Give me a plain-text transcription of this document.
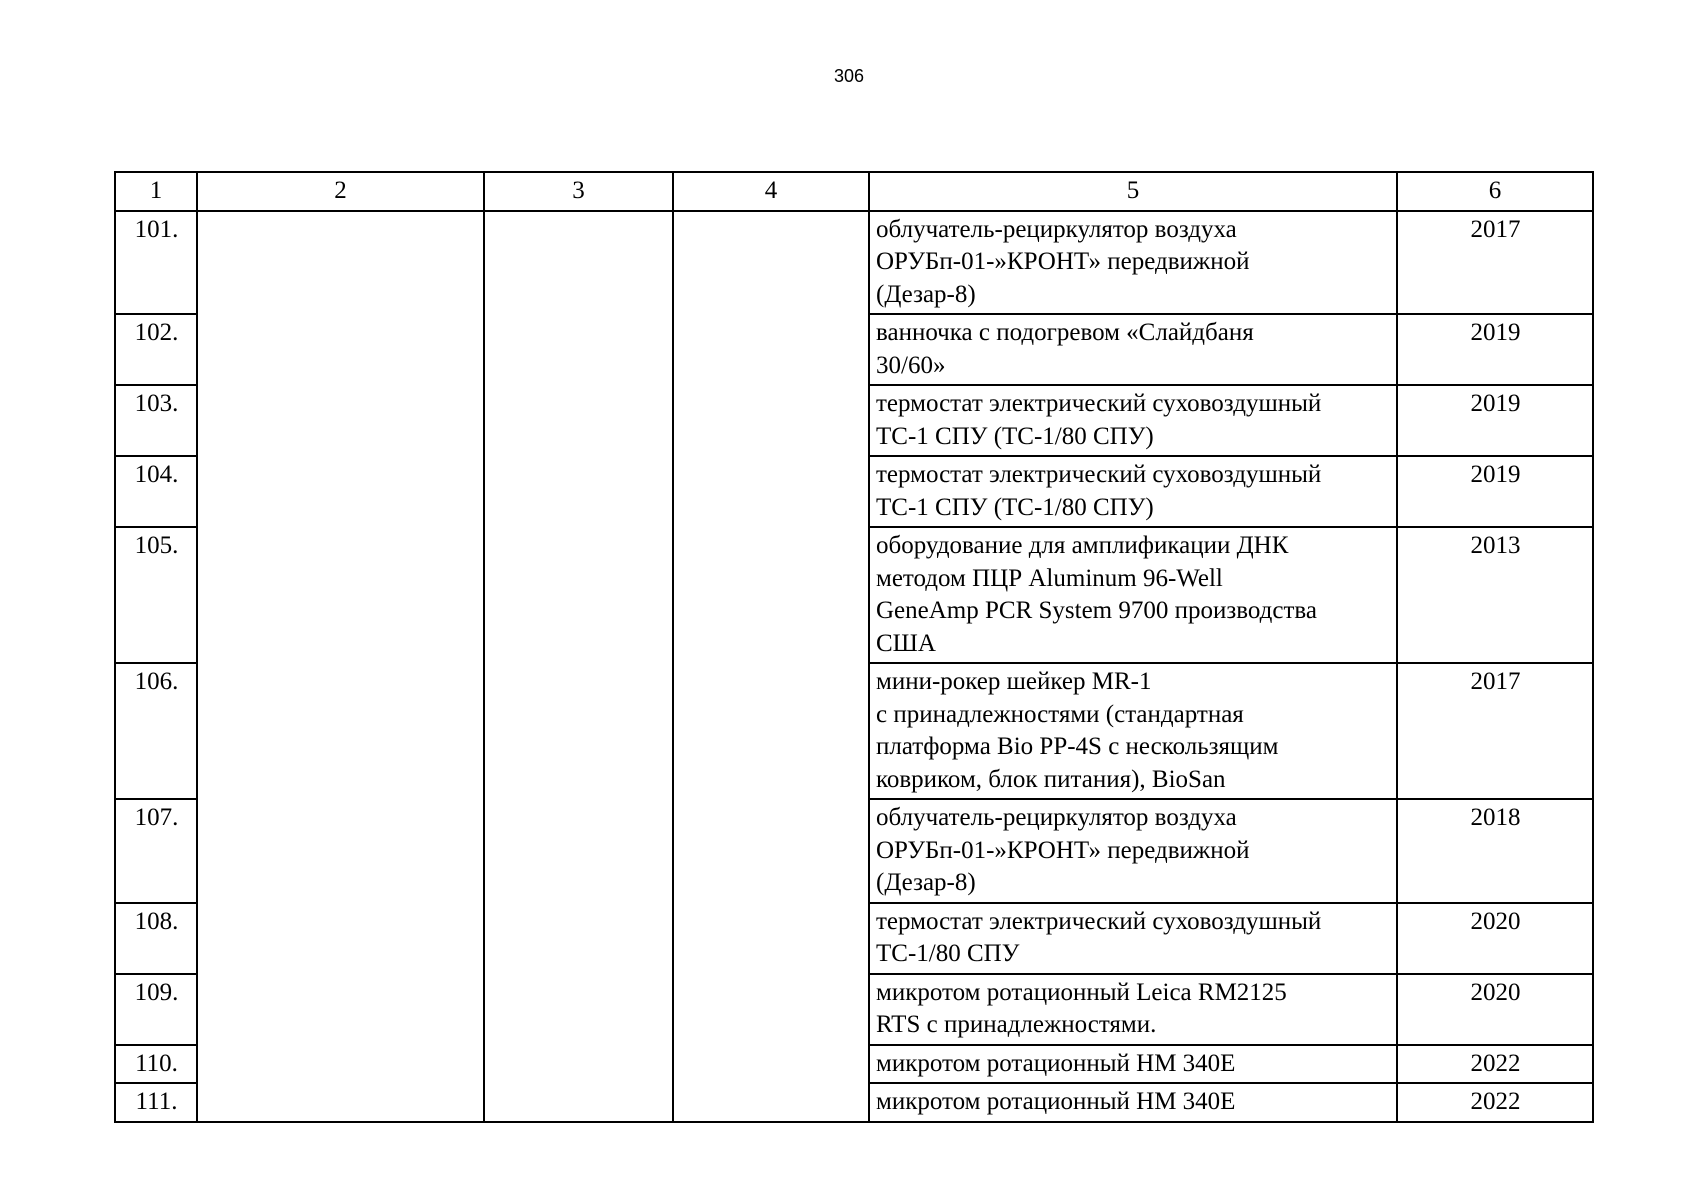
306
1	2	3	4	5	6
101.				облучатель-рециркулятор воздуха
ОРУБп-01-»КРОНТ» передвижной
(Дезар-8)	2017
102.				ванночка с подогревом «Слайдбаня
30/60»	2019
103.				термостат электрический суховоздушный
ТС-1 СПУ (ТС-1/80 СПУ)	2019
104.				термостат электрический суховоздушный
ТС-1 СПУ (ТС-1/80 СПУ)	2019
105.				оборудование для амплификации ДНК
методом ПЦР Aluminum 96-Well
GeneAmp PCR System 9700 производства
США	2013
106.				мини-рокер шейкер MR-1
с принадлежностями (стандартная
платформа Bio PP-4S с нескользящим
ковриком, блок питания), BioSan	2017
107.				облучатель-рециркулятор воздуха
ОРУБп-01-»КРОНТ» передвижной
(Дезар-8)	2018
108.				термостат электрический суховоздушный
ТС-1/80 СПУ	2020
109.				микротом ротационный Leica RM2125
RTS с принадлежностями.	2020
110.				микротом ротационный HM 340E	2022
111.				микротом ротационный HM 340E	2022
